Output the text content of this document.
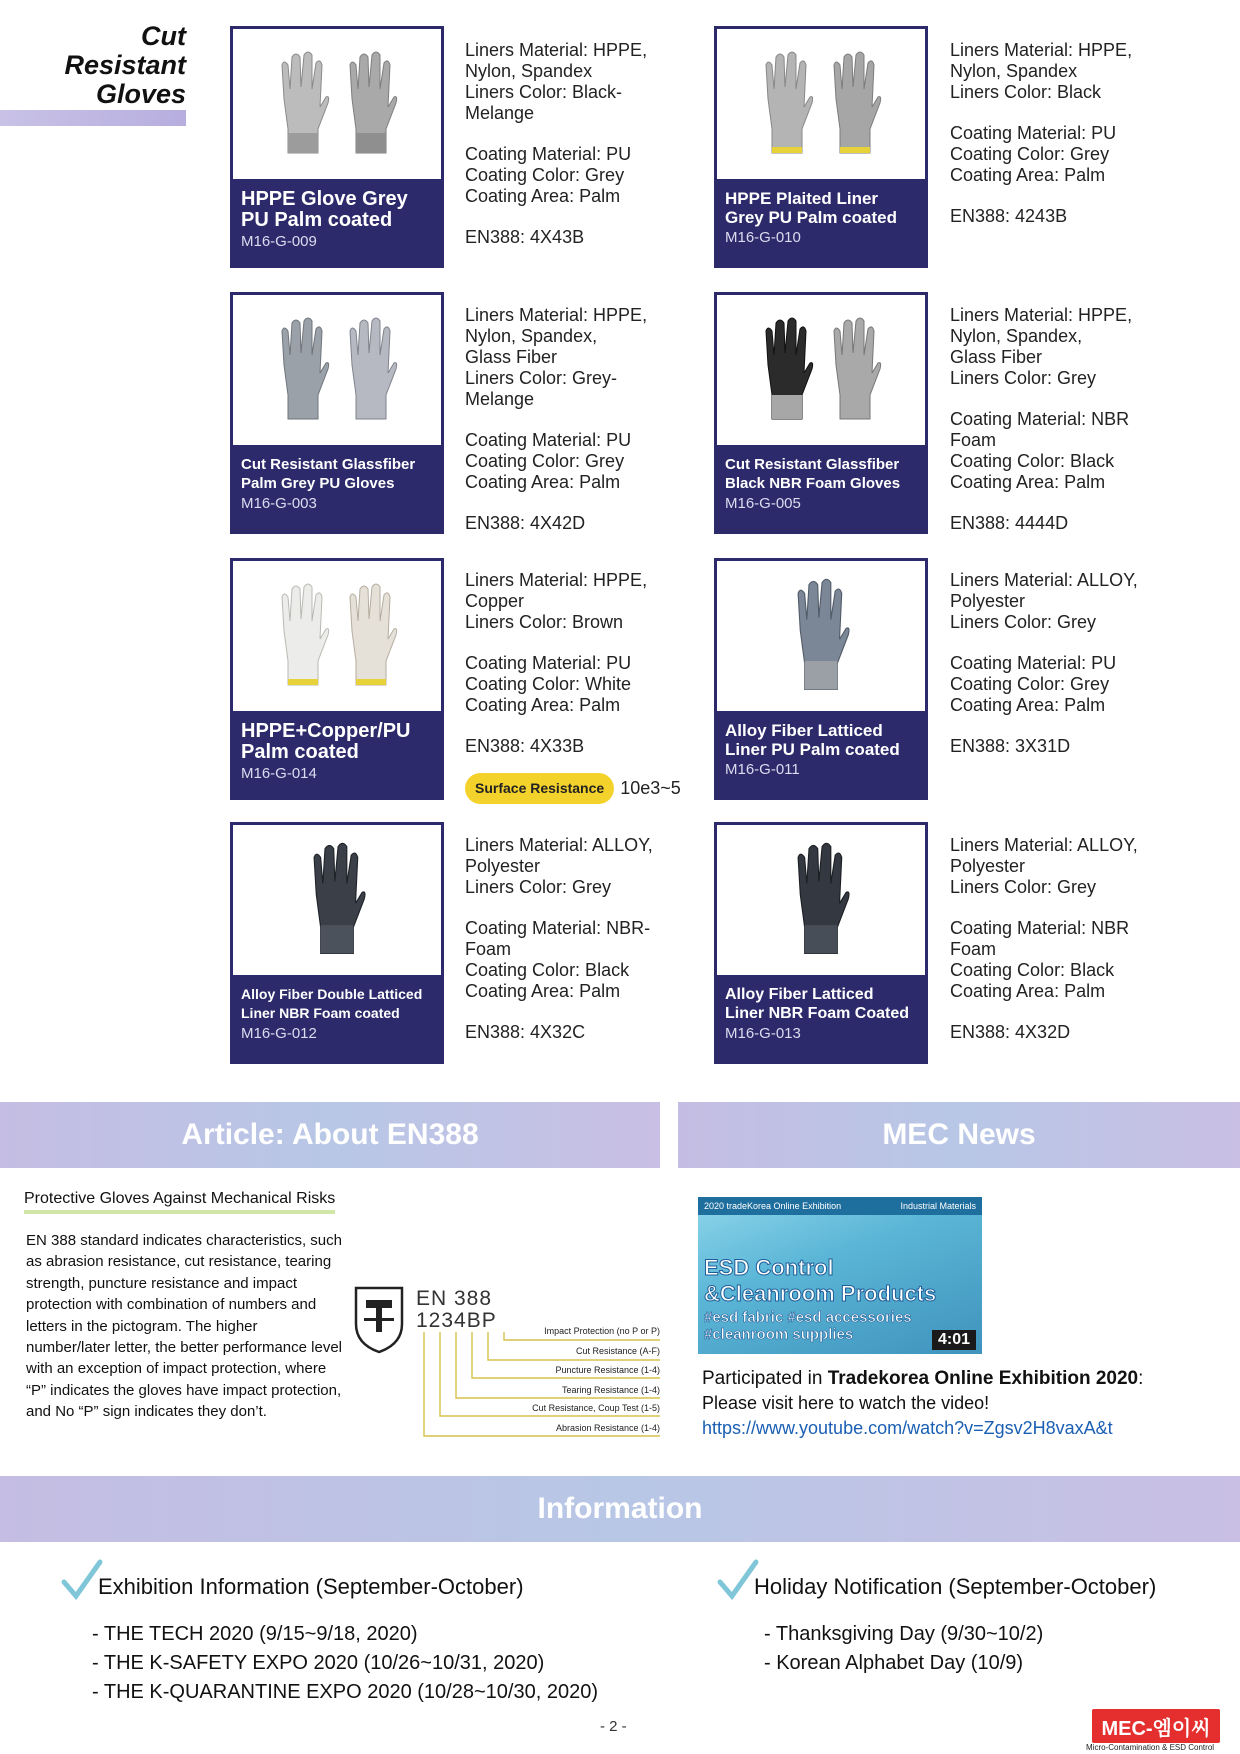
Cut
Resistant
Gloves
HPPE Glove Grey PU Palm coated
M16-G-009

Liners Material: HPPE,
Nylon, Spandex
Liners Color: Black-
Melange

Coating Material: PU
Coating Color: Grey
Coating Area: Palm

EN388: 4X43B

HPPE Plaited Liner Grey PU Palm coated
M16-G-010

Liners Material: HPPE,
Nylon, Spandex
Liners Color: Black

Coating Material: PU
Coating Color: Grey
Coating Area: Palm

EN388: 4243B

Cut Resistant Glassfiber Palm Grey PU Gloves
M16-G-003

Liners Material: HPPE,
Nylon, Spandex,
Glass Fiber
Liners Color: Grey-
Melange

Coating Material: PU
Coating Color: Grey
Coating Area: Palm

EN388: 4X42D

Cut Resistant Glassfiber Black NBR Foam Gloves
M16-G-005

Liners Material: HPPE,
Nylon, Spandex,
Glass Fiber
Liners Color: Grey

Coating Material: NBR Foam
Coating Color: Black
Coating Area: Palm

EN388: 4444D

HPPE+Copper/PU Palm coated
M16-G-014

Liners Material: HPPE,
Copper
Liners Color: Brown

Coating Material: PU
Coating Color: White
Coating Area: Palm

EN388: 4X33B

Surface Resistance 10e3~5
Alloy Fiber Latticed Liner PU Palm coated
M16-G-011

Liners Material: ALLOY,
Polyester
Liners Color: Grey

Coating Material: PU
Coating Color: Grey
Coating Area: Palm

EN388: 3X31D

Alloy Fiber Double Latticed Liner NBR Foam coated
M16-G-012

Liners Material: ALLOY,
Polyester
Liners Color: Grey

Coating Material: NBR-
Foam
Coating Color: Black
Coating Area: Palm

EN388: 4X32C

Alloy Fiber Latticed Liner NBR Foam Coated
M16-G-013

Liners Material: ALLOY,
Polyester
Liners Color: Grey

Coating Material: NBR Foam
Coating Color: Black
Coating Area: Palm

EN388: 4X32D

Article: About EN388	MEC News
Protective Gloves Against Mechanical Risks
EN 388 standard indicates characteristics, such as abrasion resistance, cut resistance, tearing strength, puncture resistance and impact protection with combination of numbers and letters in the pictogram. The higher number/later letter, the better performance level with an exception of impact protection, where “P” indicates the gloves have impact protection, and No “P” sign indicates they don’t.
EN 388
1234BP	Impact Protection (no P or P)
Cut Resistance (A-F)
Puncture Resistance (1-4)
Tearing Resistance (1-4)
Cut Resistance, Coup Test (1-5)
Abrasion Resistance (1-4)
2020 tradeKorea Online Exhibition	Industrial Materials
ESD Control
&Cleanroom Products
#esd fabric #esd accessories
#cleanroom supplies	4:01
Participated in Tradekorea Online Exhibition 2020:
Please visit here to watch the video!
https://www.youtube.com/watch?v=Zgsv2H8vaxA&t
Information
Exhibition Information (September-October)
- THE TECH 2020 (9/15~9/18, 2020)
- THE K-SAFETY EXPO 2020 (10/26~10/31, 2020)
- THE K-QUARANTINE EXPO 2020 (10/28~10/30, 2020)
Holiday Notification (September-October)
- Thanksgiving Day (9/30~10/2)
- Korean Alphabet Day (10/9)
- 2 -	MEC-엠이씨
Micro-Contamination & ESD Control
